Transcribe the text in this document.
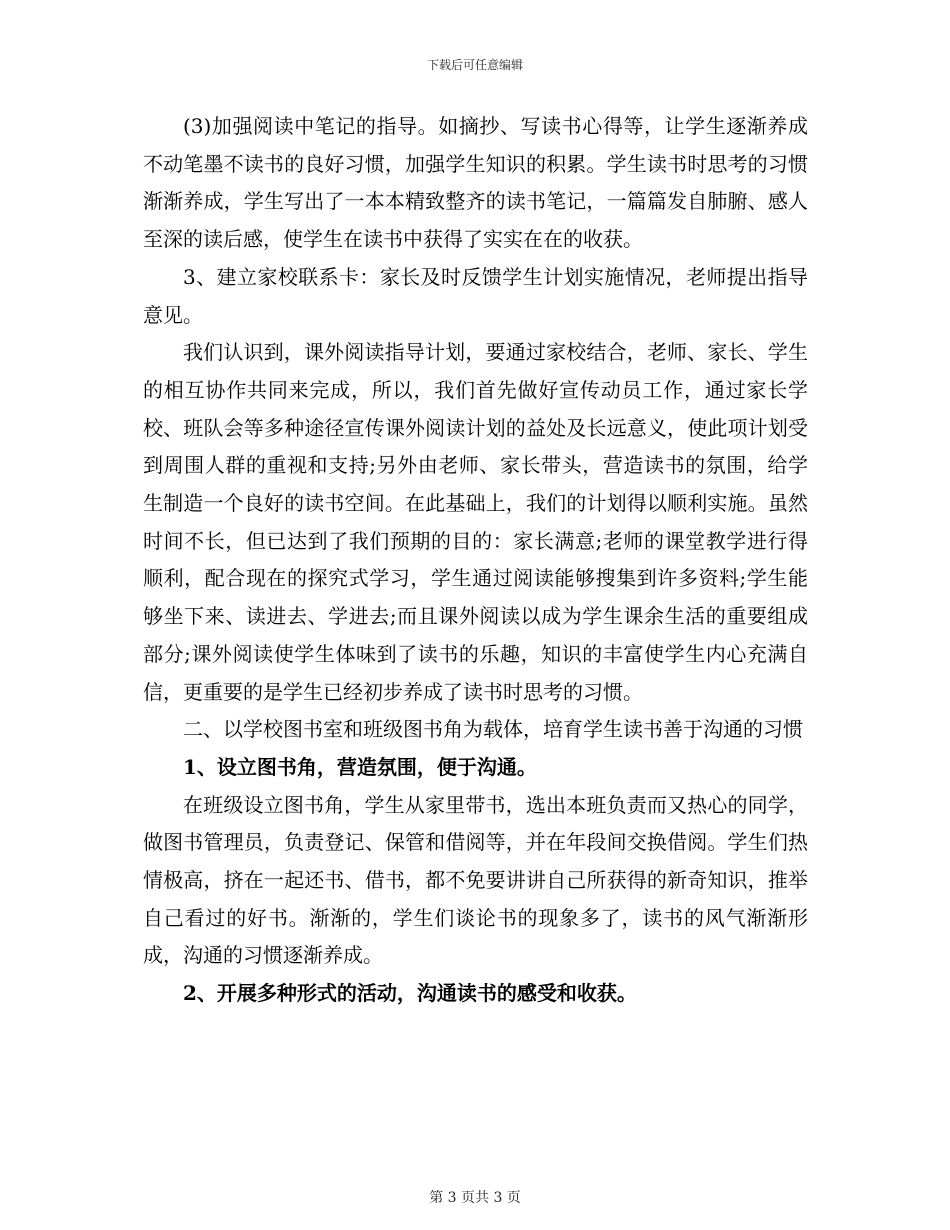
下载后可任意编辑

(3)加强阅读中笔记的指导。如摘抄、写读书心得等，让学生逐渐养成不动笔墨不读书的良好习惯，加强学生知识的积累。学生读书时思考的习惯渐渐养成，学生写出了一本本精致整齐的读书笔记，一篇篇发自肺腑、感人至深的读后感，使学生在读书中获得了实实在在的收获。

3、建立家校联系卡：家长及时反馈学生计划实施情况，老师提出指导意见。

我们认识到，课外阅读指导计划，要通过家校结合，老师、家长、学生的相互协作共同来完成，所以，我们首先做好宣传动员工作，通过家长学校、班队会等多种途径宣传课外阅读计划的益处及长远意义，使此项计划受到周围人群的重视和支持;另外由老师、家长带头，营造读书的氛围，给学生制造一个良好的读书空间。在此基础上，我们的计划得以顺利实施。虽然时间不长，但已达到了我们预期的目的：家长满意;老师的课堂教学进行得顺利，配合现在的探究式学习，学生通过阅读能够搜集到许多资料;学生能够坐下来、读进去、学进去;而且课外阅读以成为学生课余生活的重要组成部分;课外阅读使学生体味到了读书的乐趣，知识的丰富使学生内心充满自信，更重要的是学生已经初步养成了读书时思考的习惯。

二、以学校图书室和班级图书角为载体，培育学生读书善于沟通的习惯

1、设立图书角，营造氛围，便于沟通。

在班级设立图书角，学生从家里带书，选出本班负责而又热心的同学，做图书管理员，负责登记、保管和借阅等，并在年段间交换借阅。学生们热情极高，挤在一起还书、借书，都不免要讲讲自己所获得的新奇知识，推举自己看过的好书。渐渐的，学生们谈论书的现象多了，读书的风气渐渐形成，沟通的习惯逐渐养成。

2、开展多种形式的活动，沟通读书的感受和收获。

第 3 页共 3 页
